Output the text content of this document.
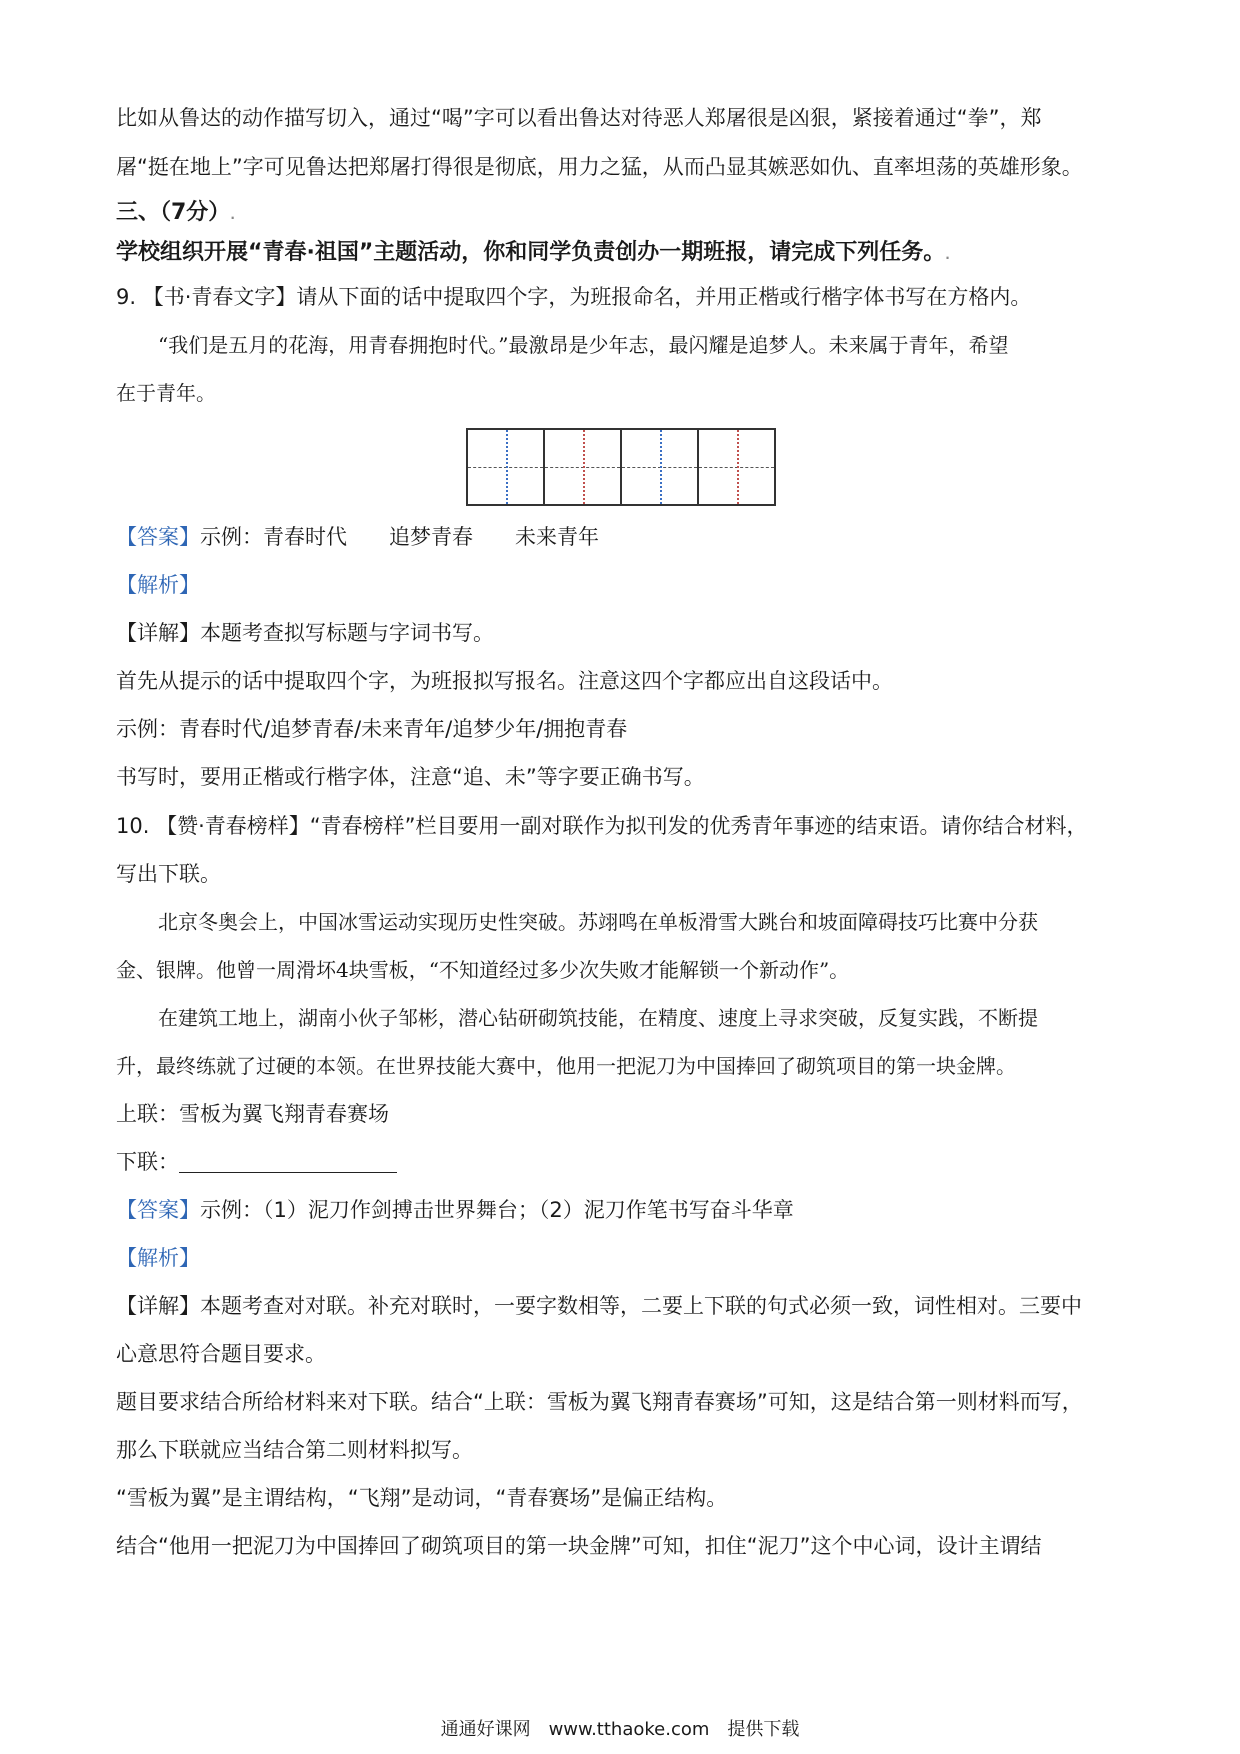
比如从鲁达的动作描写切入，通过“喝”字可以看出鲁达对待恶人郑屠很是凶狠，紧接着通过“拳”，郑
屠“挺在地上”字可见鲁达把郑屠打得很是彻底，用力之猛，从而凸显其嫉恶如仇、直率坦荡的英雄形象。
三、（7分）.
学校组织开展“青春·祖国”主题活动，你和同学负责创办一期班报，请完成下列任务。.
9. 【书·青春文字】请从下面的话中提取四个字，为班报命名，并用正楷或行楷字体书写在方格内。
“我们是五月的花海，用青春拥抱时代。”最激昂是少年志，最闪耀是追梦人。未来属于青年，希望
在于青年。
【答案】示例：青春时代　　追梦青春　　未来青年
【解析】
【详解】本题考查拟写标题与字词书写。
首先从提示的话中提取四个字，为班报拟写报名。注意这四个字都应出自这段话中。
示例：青春时代/追梦青春/未来青年/追梦少年/拥抱青春
书写时，要用正楷或行楷字体，注意“追、未”等字要正确书写。
10. 【赞·青春榜样】“青春榜样”栏目要用一副对联作为拟刊发的优秀青年事迹的结束语。请你结合材料，
写出下联。
北京冬奥会上，中国冰雪运动实现历史性突破。苏翊鸣在单板滑雪大跳台和坡面障碍技巧比赛中分获
金、银牌。他曾一周滑坏4块雪板，“不知道经过多少次失败才能解锁一个新动作”。
在建筑工地上，湖南小伙子邹彬，潜心钻研砌筑技能，在精度、速度上寻求突破，反复实践，不断提
升，最终练就了过硬的本领。在世界技能大赛中，他用一把泥刀为中国捧回了砌筑项目的第一块金牌。
上联：雪板为翼飞翔青春赛场
下联：
【答案】示例：（1）泥刀作剑搏击世界舞台；（2）泥刀作笔书写奋斗华章
【解析】
【详解】本题考查对对联。补充对联时，一要字数相等，二要上下联的句式必须一致，词性相对。三要中
心意思符合题目要求。
题目要求结合所给材料来对下联。结合“上联：雪板为翼飞翔青春赛场”可知，这是结合第一则材料而写，
那么下联就应当结合第二则材料拟写。
“雪板为翼”是主谓结构，“飞翔”是动词，“青春赛场”是偏正结构。
结合“他用一把泥刀为中国捧回了砌筑项目的第一块金牌”可知，扣住“泥刀”这个中心词，设计主谓结
通通好课网　www.tthaoke.com　提供下载
